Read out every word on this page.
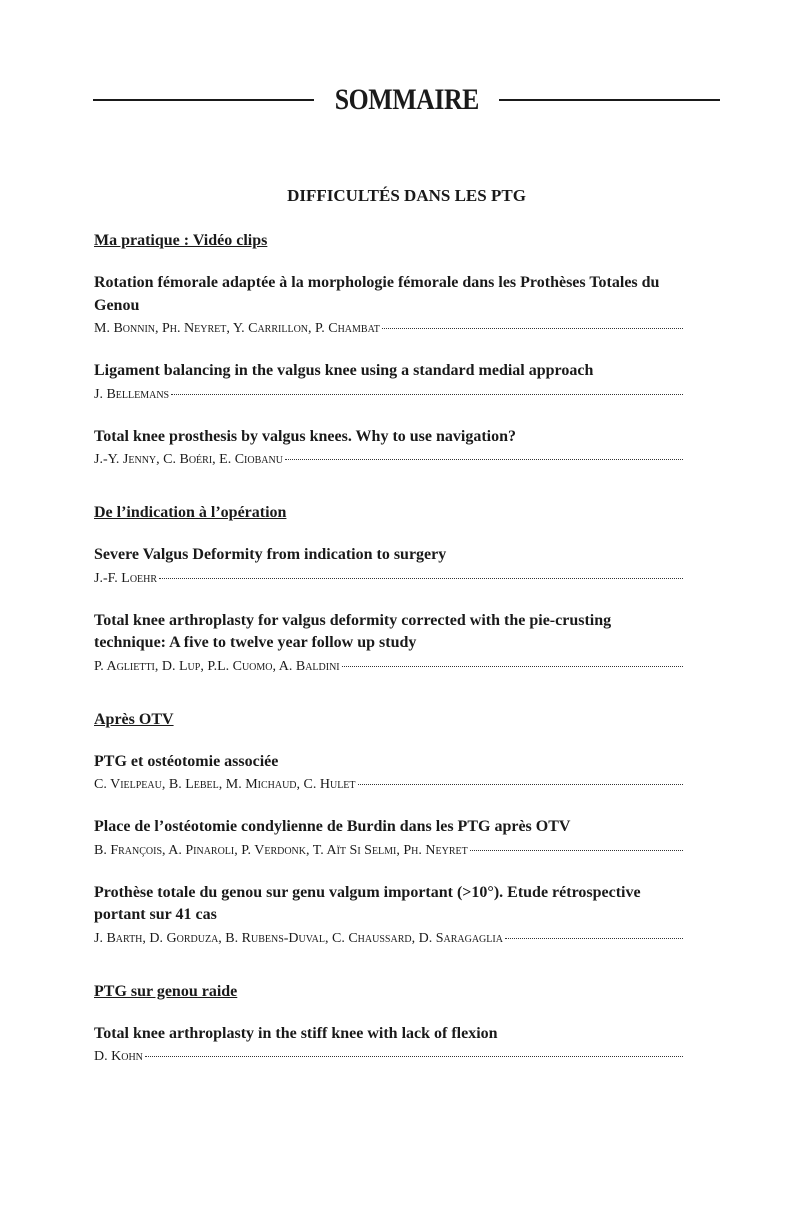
SOMMAIRE
DIFFICULTÉS DANS LES PTG
Ma pratique : Vidéo clips
Rotation fémorale adaptée à la morphologie fémorale dans les Prothèses Totales du Genou
M. Bonnin, Ph. Neyret, Y. Carrillon, P. Chambat
Ligament balancing in the valgus knee using a standard medial approach
J. Bellemans
Total knee prosthesis by valgus knees. Why to use navigation?
J.-Y. Jenny, C. Boéri, E. Ciobanu
De l’indication à l’opération
Severe Valgus Deformity from indication to surgery
J.-F. Loehr
Total knee arthroplasty for valgus deformity corrected with the pie-crusting technique: A five to twelve year follow up study
P. Aglietti, D. Lup, P.L. Cuomo, A. Baldini
Après OTV
PTG et ostéotomie associée
C. Vielpeau, B. Lebel, M. Michaud, C. Hulet
Place de l’ostéotomie condylienne de Burdin dans les PTG après OTV
B. François, A. Pinaroli, P. Verdonk, T. Aït Si Selmi, Ph. Neyret
Prothèse totale du genou sur genu valgum important (>10°). Etude rétrospective portant sur 41 cas
J. Barth, D. Gorduza, B. Rubens-Duval, C. Chaussard, D. Saragaglia
PTG sur genou raide
Total knee arthroplasty in the stiff knee with lack of flexion
D. Kohn
